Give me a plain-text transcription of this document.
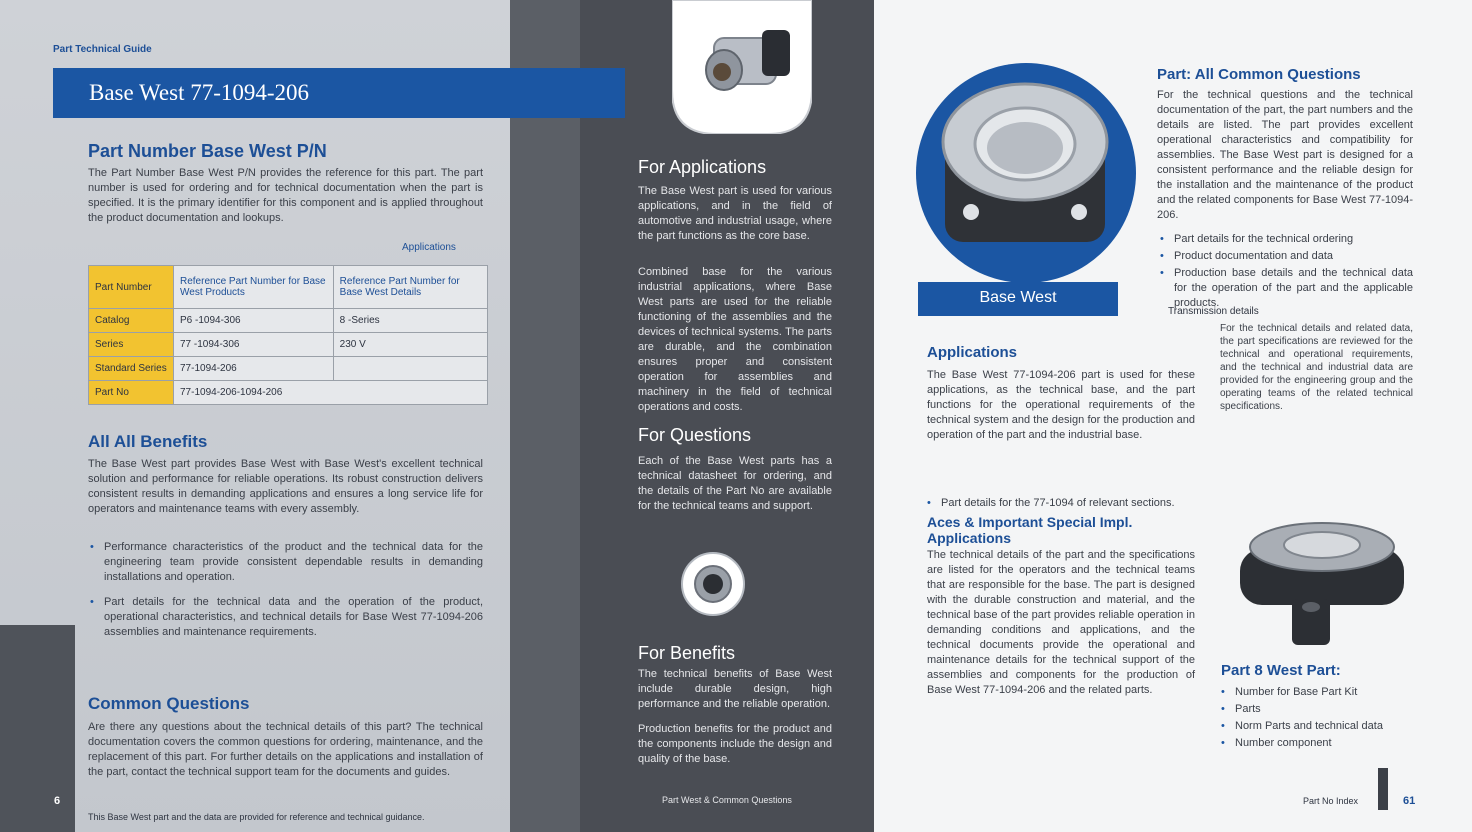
Part Technical Guide
Base West 77-1094-206
Part Number Base West P/N
The Part Number Base West P/N provides the reference for this part. The part number is used for ordering and for technical documentation when the part is specified. It is the primary identifier for this component and is applied throughout the product documentation and lookups.
Applications
Part Number	Reference Part Number for Base West Products	Reference Part Number for Base West Details
Catalog	P6 -1094-306	8 -Series
Series	77 -1094-306	230 V
Standard Series	77-1094-206	
Part No	77-1094-206-1094-206	
All All Benefits
The Base West part provides Base West with Base West's excellent technical solution and performance for reliable operations. Its robust construction delivers consistent results in demanding applications and ensures a long service life for operators and maintenance teams with every assembly.
• Performance characteristics of the product and the technical data for the engineering team provide consistent dependable results in demanding installations and operation.
• Part details for the technical data and the operation of the product, operational characteristics, and technical details for Base West 77-1094-206 assemblies and maintenance requirements.
Common Questions
Are there any questions about the technical details of this part? The technical documentation covers the common questions for ordering, maintenance, and the replacement of this part. For further details on the applications and installation of the part, contact the technical support team for the documents and guides.
This Base West part and the data are provided for reference and technical guidance.
6
For Applications
The Base West part is used for various applications, and in the field of automotive and industrial usage, where the part functions as the core base.
Combined base for the various industrial applications, where Base West parts are used for the reliable functioning of the assemblies and the devices of technical systems. The parts are durable, and the combination ensures proper and consistent operation for assemblies and machinery in the field of technical operations and costs.
For Questions
Each of the Base West parts has a technical datasheet for ordering, and the details of the Part No are available for the technical teams and support.
For Benefits
The technical benefits of Base West include durable design, high performance and the reliable operation.
Production benefits for the product and the components include the design and quality of the base.
Part West & Common Questions
Base West
Part: All Common Questions
For the technical questions and the technical documentation of the part, the part numbers and the details are listed. The part provides excellent operational characteristics and compatibility for assemblies. The Base West part is designed for a consistent performance and the reliable design for the installation and the maintenance of the product and the related components for Base West 77-1094-206.
• Part details for the technical ordering
• Product documentation and data
• Production base details and the technical data for the operation of the part and the applicable products.
Transmission details
For the technical details and related data, the part specifications are reviewed for the technical and operational requirements, and the technical and industrial data are provided for the engineering group and the operating teams of the related technical specifications.
Applications
The Base West 77-1094-206 part is used for these applications, as the technical base, and the part functions for the operational requirements of the technical system and the design for the production and operation of the part and the industrial base.
• Part details for the 77-1094 of relevant sections.
Aces & Important Special Impl. Applications
The technical details of the part and the specifications are listed for the operators and the technical teams that are responsible for the base. The part is designed with the durable construction and material, and the technical base of the part provides reliable operation in demanding conditions and applications, and the technical documents provide the operational and maintenance details for the technical support of the assemblies and components for the production of Base West 77-1094-206 and the related parts.
Part 8 West Part:
• Number for Base Part Kit
• Parts
• Norm Parts and technical data
• Number component
Part No Index	61
